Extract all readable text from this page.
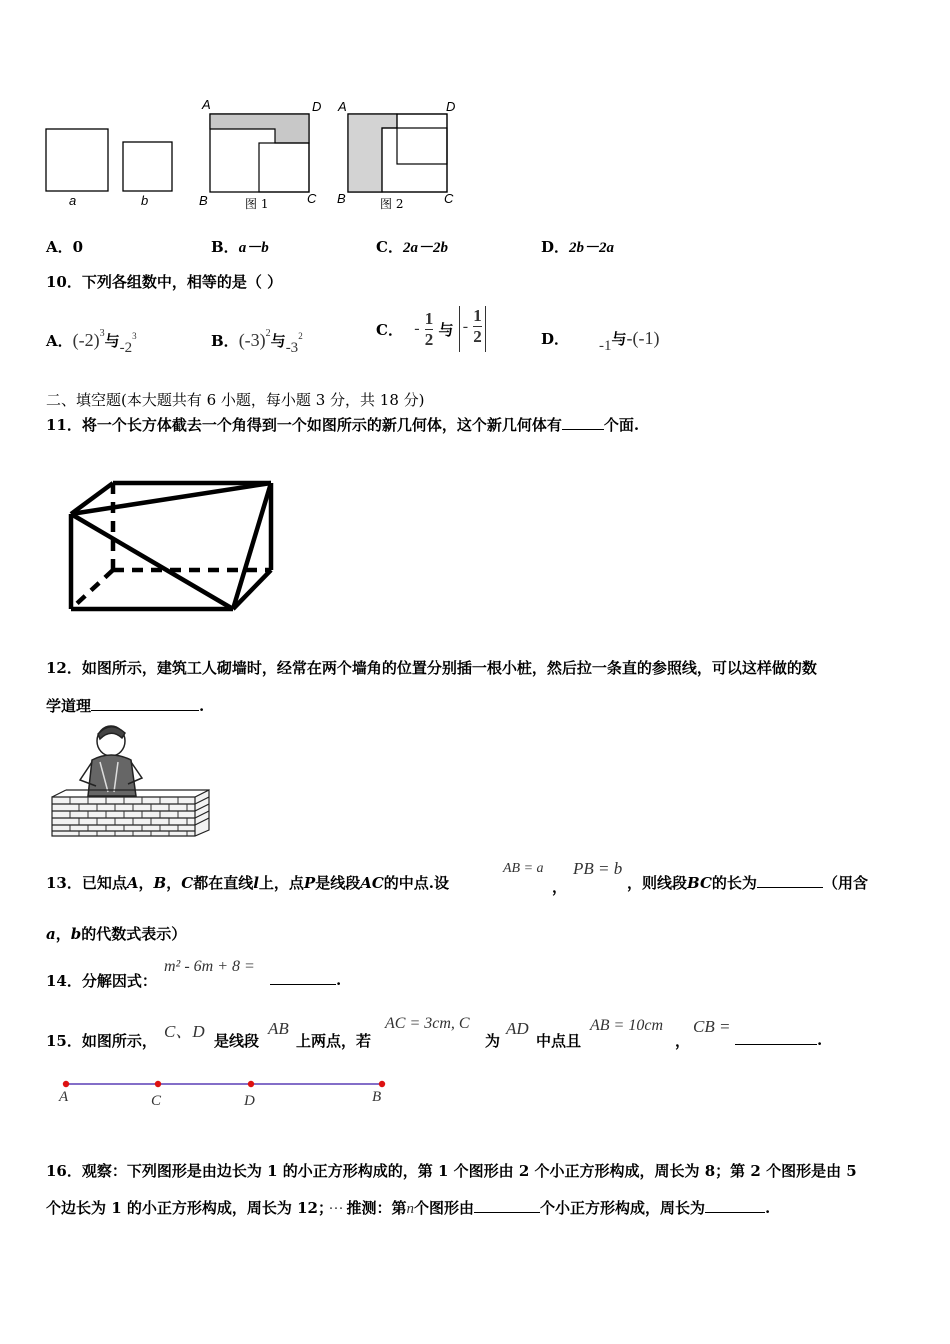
a	b
A	D
B	C
图 1
A	D
B	C
图 2
A．0	B．a－b	C．2a－2b	D．2b－2a
10．下列各组数中，相等的是（ ）
A．$(-2)^3$与$-2^3$	B．$(-3)^2$与$-3^2$	C． - $\frac{1}{2}$ 与 - $\frac{1}{2}$	D． -1与-(-1)
二、填空题(本大题共有 6 小题，每小题 3 分，共 18 分)
11．将一个长方体截去一个角得到一个如图所示的新几何体，这个新几何体有	个面.
12．如图所示，建筑工人砌墙时，经常在两个墙角的位置分别插一根小桩，然后拉一条直的参照线，可以这样做的数
学道理	.
13．已知点A，B，C都在直线l上，点P是线段AC的中点.设
AB = a
，
PB = b
，则线段BC的长为	（用含
a，b的代数式表示）
14．分解因式：
m² - 6m + 8 =
.
15．如图所示， C、D 是线段
AB
上两点，若
AC = 3cm, C
为
AD
中点且
AB = 10cm
，
CB =
.
A	C	D	B
16．观察：下列图形是由边长为 1 的小正方形构成的，第 1 个图形由 2 个小正方形构成，周长为 8；第 2 个图形是由 5
个边长为 1 的小正方形构成，周长为 12； ··· 推测：第n个图形由	个小正方形构成，周长为	.
